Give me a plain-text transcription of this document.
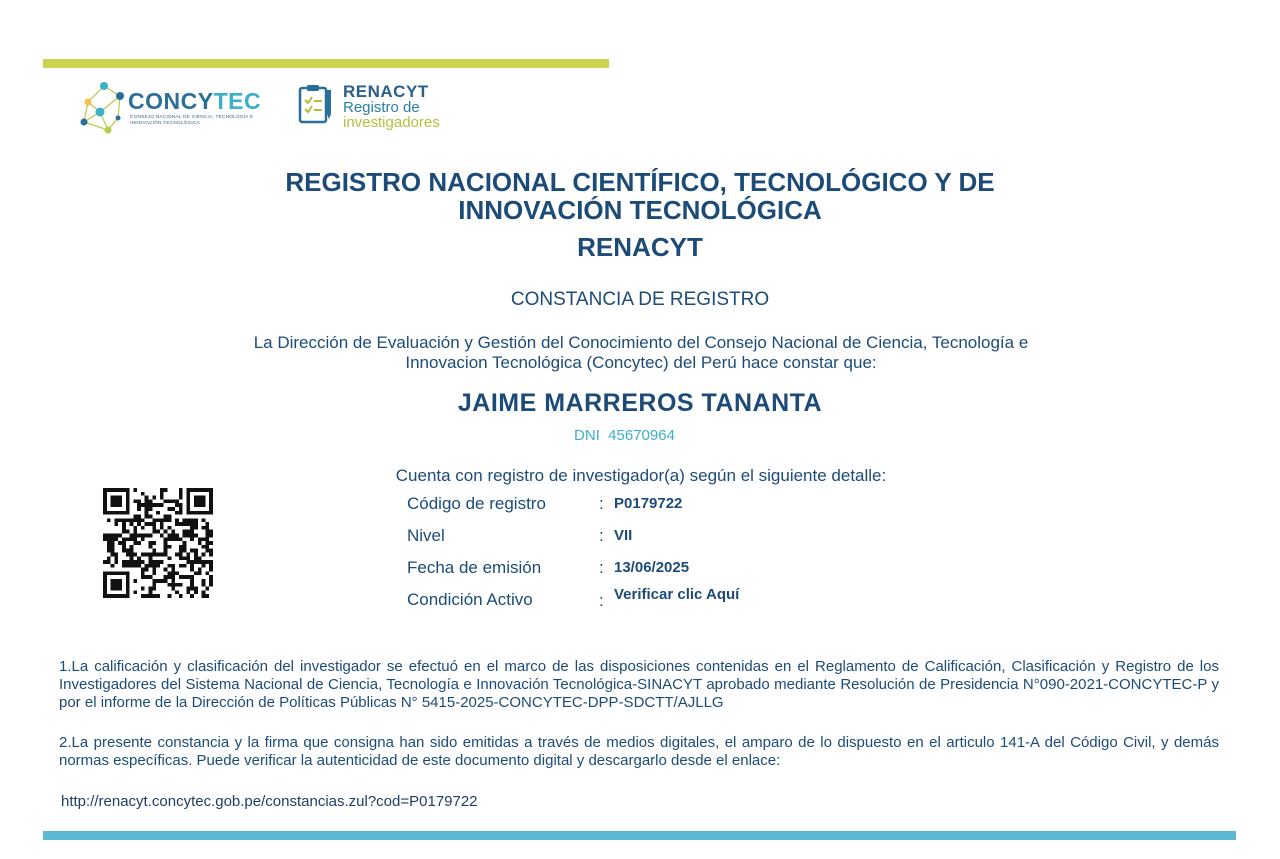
CONCYTEC
CONSEJO NACIONAL DE CIENCIA, TECNOLOGÍA E INNOVACIÓN TECNOLÓGICA
RENACYT
Registro de
investigadores
REGISTRO NACIONAL CIENTÍFICO, TECNOLÓGICO Y DE
INNOVACIÓN TECNOLÓGICA
RENACYT
CONSTANCIA DE REGISTRO
La Dirección de Evaluación y Gestión del Conocimiento del Consejo Nacional de Ciencia, Tecnología e
Innovacion Tecnológica (Concytec) del Perú hace constar que:
JAIME MARREROS TANANTA
DNI  45670964
Cuenta con registro de investigador(a) según el siguiente detalle:
Código de registro	: P0179722
Nivel	: VII
Fecha de emisión	: 13/06/2025
Condición Activo	: Verificar clic Aquí
1.La calificación y clasificación del investigador se efectuó en el marco de las disposiciones contenidas en el Reglamento de Calificación, Clasificación y Registro de los Investigadores del Sistema Nacional de Ciencia, Tecnología e Innovación Tecnológica-SINACYT aprobado mediante Resolución de Presidencia N°090-2021-CONCYTEC-P y por el informe de la Dirección de Políticas Públicas N° 5415-2025-CONCYTEC-DPP-SDCTT/AJLLG
2.La presente constancia y la firma que consigna han sido emitidas a través de medios digitales, el amparo de lo dispuesto en el articulo 141-A del Código Civil, y demás normas específicas. Puede verificar la autenticidad de este documento digital y descargarlo desde el enlace:
http://renacyt.concytec.gob.pe/constancias.zul?cod=P0179722
